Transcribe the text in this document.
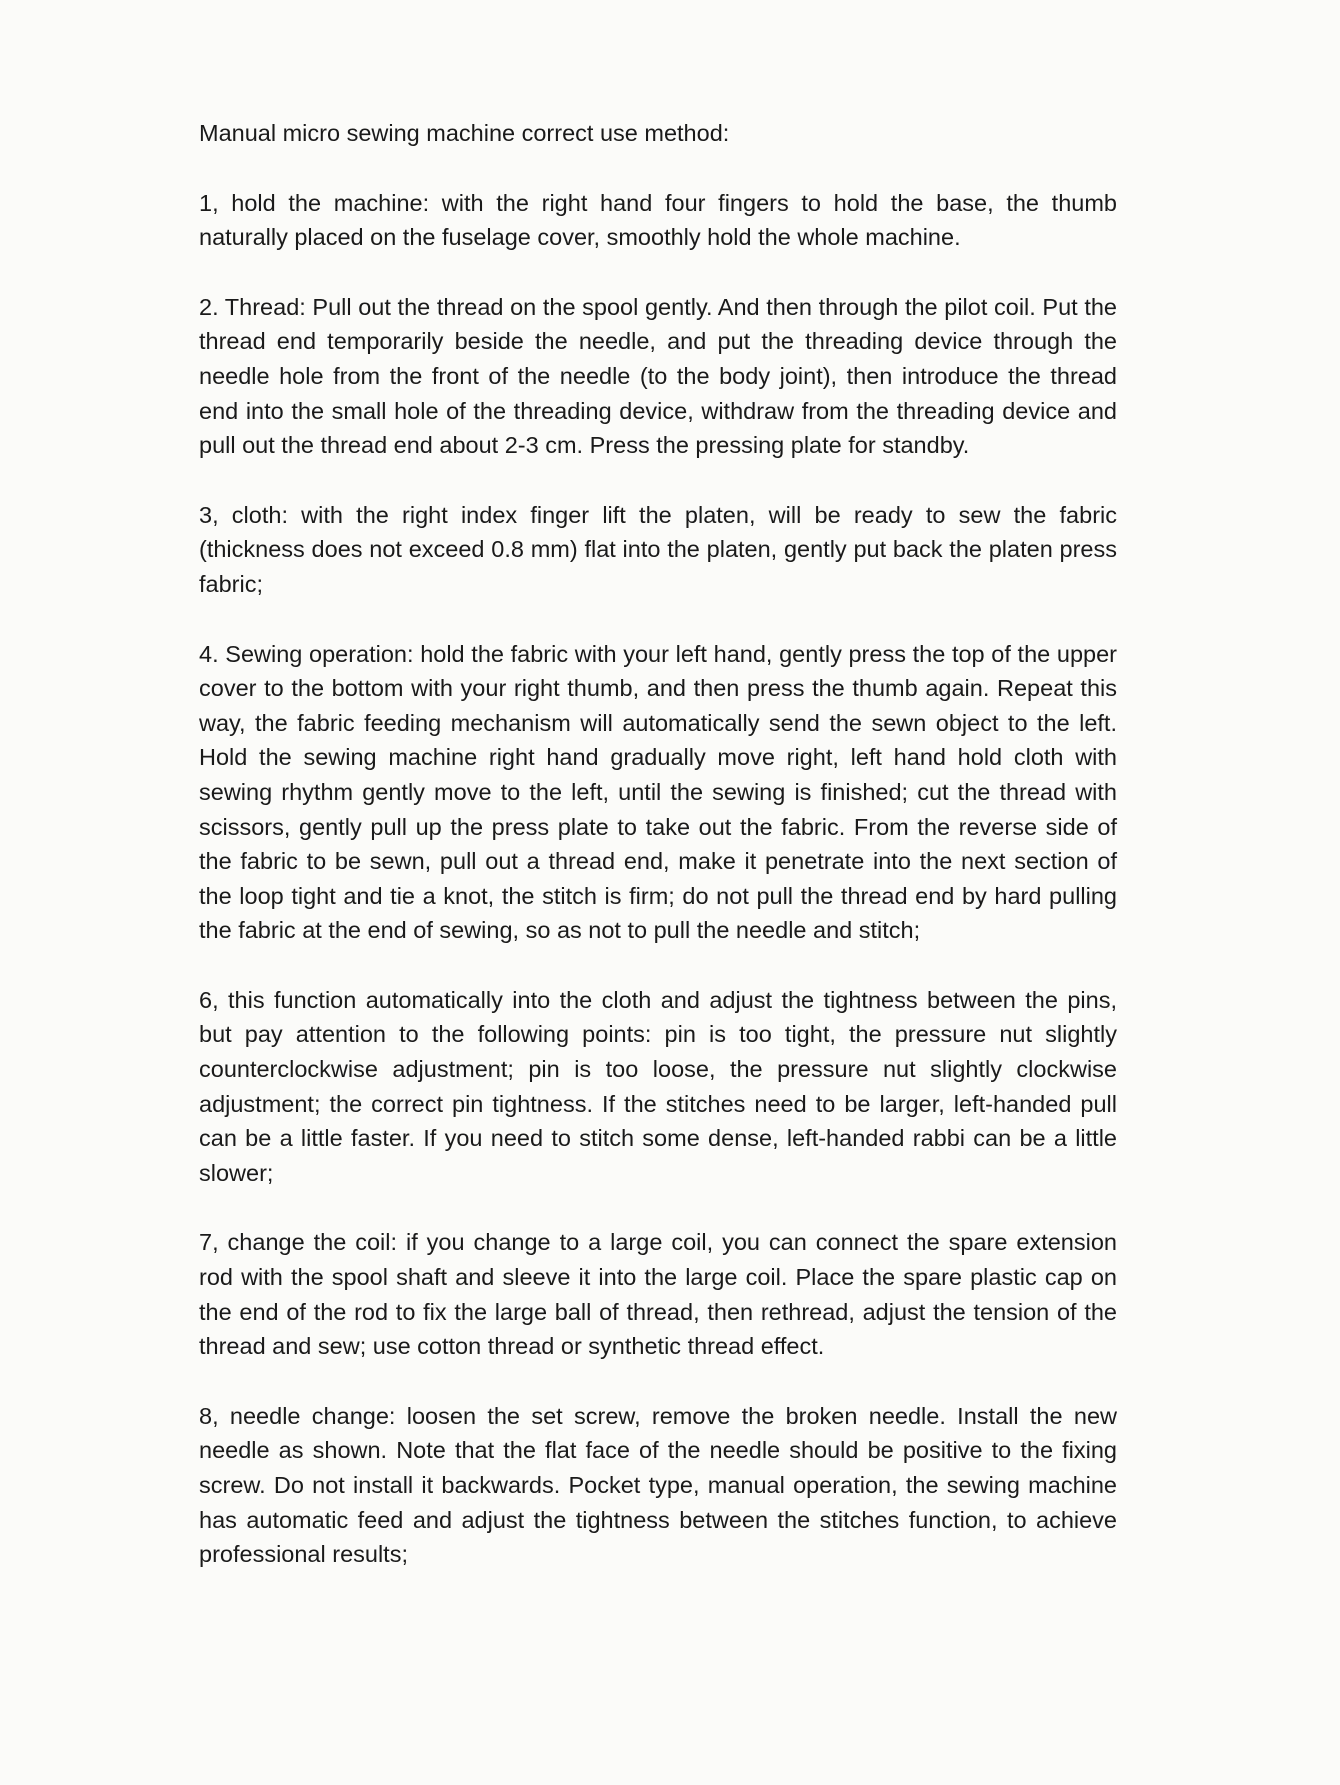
Manual micro sewing machine correct use method:

1, hold the machine: with the right hand four fingers to hold the base, the thumb naturally placed on the fuselage cover, smoothly hold the whole machine.

2. Thread: Pull out the thread on the spool gently. And then through the pilot coil. Put the thread end temporarily beside the needle, and put the threading device through the needle hole from the front of the needle (to the body joint), then introduce the thread end into the small hole of the threading device, withdraw from the threading device and pull out the thread end about 2-3 cm. Press the pressing plate for standby.

3, cloth: with the right index finger lift the platen, will be ready to sew the fabric (thickness does not exceed 0.8 mm) flat into the platen, gently put back the platen press fabric;

4. Sewing operation: hold the fabric with your left hand, gently press the top of the upper cover to the bottom with your right thumb, and then press the thumb again. Repeat this way, the fabric feeding mechanism will automatically send the sewn object to the left. Hold the sewing machine right hand gradually move right, left hand hold cloth with sewing rhythm gently move to the left, until the sewing is finished; cut the thread with scissors, gently pull up the press plate to take out the fabric. From the reverse side of the fabric to be sewn, pull out a thread end, make it penetrate into the next section of the loop tight and tie a knot, the stitch is firm; do not pull the thread end by hard pulling the fabric at the end of sewing, so as not to pull the needle and stitch;

6, this function automatically into the cloth and adjust the tightness between the pins, but pay attention to the following points: pin is too tight, the pressure nut slightly counterclockwise adjustment; pin is too loose, the pressure nut slightly clockwise adjustment; the correct pin tightness. If the stitches need to be larger, left-handed pull can be a little faster. If you need to stitch some dense, left-handed rabbi can be a little slower;

7, change the coil: if you change to a large coil, you can connect the spare extension rod with the spool shaft and sleeve it into the large coil. Place the spare plastic cap on the end of the rod to fix the large ball of thread, then rethread, adjust the tension of the thread and sew; use cotton thread or synthetic thread effect.

8, needle change: loosen the set screw, remove the broken needle. Install the new needle as shown. Note that the flat face of the needle should be positive to the fixing screw. Do not install it backwards. Pocket type, manual operation, the sewing machine has automatic feed and adjust the tightness between the stitches function, to achieve professional results;
